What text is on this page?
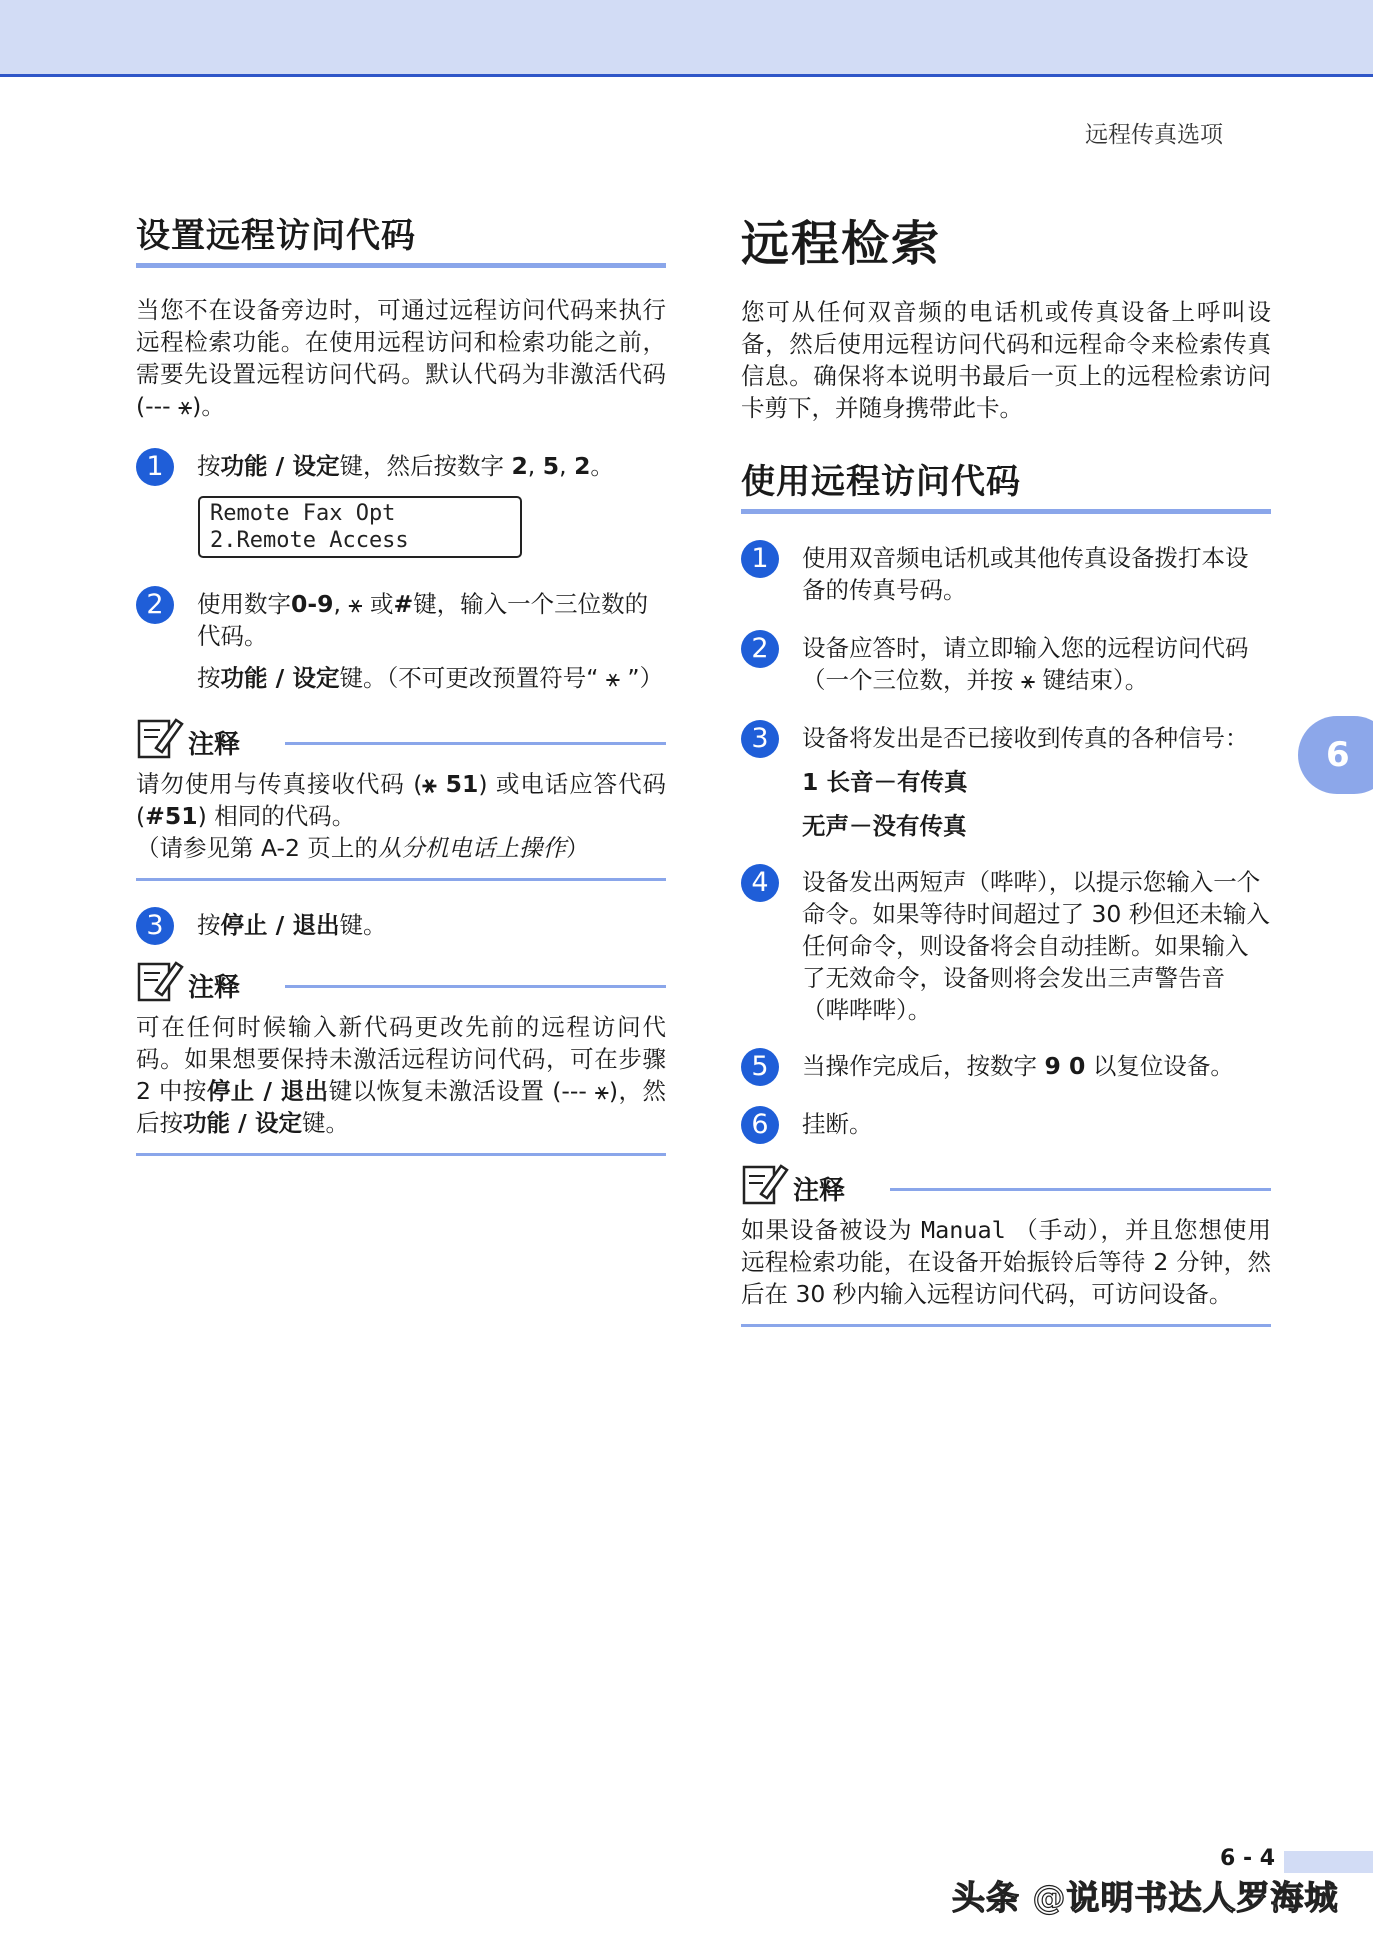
远程传真选项
设置远程访问代码

当您不在设备旁边时，可通过远程访问代码来执行远程检索功能。在使用远程访问和检索功能之前，需要先设置远程访问代码。默认代码为非激活代码 (--- ⚹)。

1	按功能 / 设定键，然后按数字 2, 5, 2。
Remote Fax Opt
2.Remote Access
2	使用数字0-9, ⚹ 或#键，输入一个三位数的代码。

按功能 / 设定键。（不可更改预置符号“ ⚹ ”）

注释

请勿使用与传真接收代码 (⚹ 51) 或电话应答代码 (#51) 相同的代码。
（请参见第 A-2 页上的从分机电话上操作）

3	按停止 / 退出键。
注释

可在任何时候输入新代码更改先前的远程访问代码。如果想要保持未激活远程访问代码，可在步骤 2 中按停止 / 退出键以恢复未激活设置 (--- ⚹)，然后按功能 / 设定键。

远程检索

您可从任何双音频的电话机或传真设备上呼叫设备，然后使用远程访问代码和远程命令来检索传真信息。确保将本说明书最后一页上的远程检索访问卡剪下，并随身携带此卡。

使用远程访问代码
1	使用双音频电话机或其他传真设备拨打本设备的传真号码。
2	设备应答时，请立即输入您的远程访问代码 （一个三位数，并按 ⚹ 键结束）。
3	设备将发出是否已接收到传真的各种信号：

1 长音－有传真

无声－没有传真

4	设备发出两短声（哔哔），以提示您输入一个命令。如果等待时间超过了 30 秒但还未输入任何命令，则设备将会自动挂断。如果输入了无效命令，设备则将会发出三声警告音 （哔哔哔）。
5	当操作完成后，按数字 9 0 以复位设备。
6	挂断。
注释

如果设备被设为 Manual （手动），并且您想使用远程检索功能，在设备开始振铃后等待 2 分钟，然后在 30 秒内输入远程访问代码，可访问设备。

6
6 - 4
头条 @说明书达人罗海城
